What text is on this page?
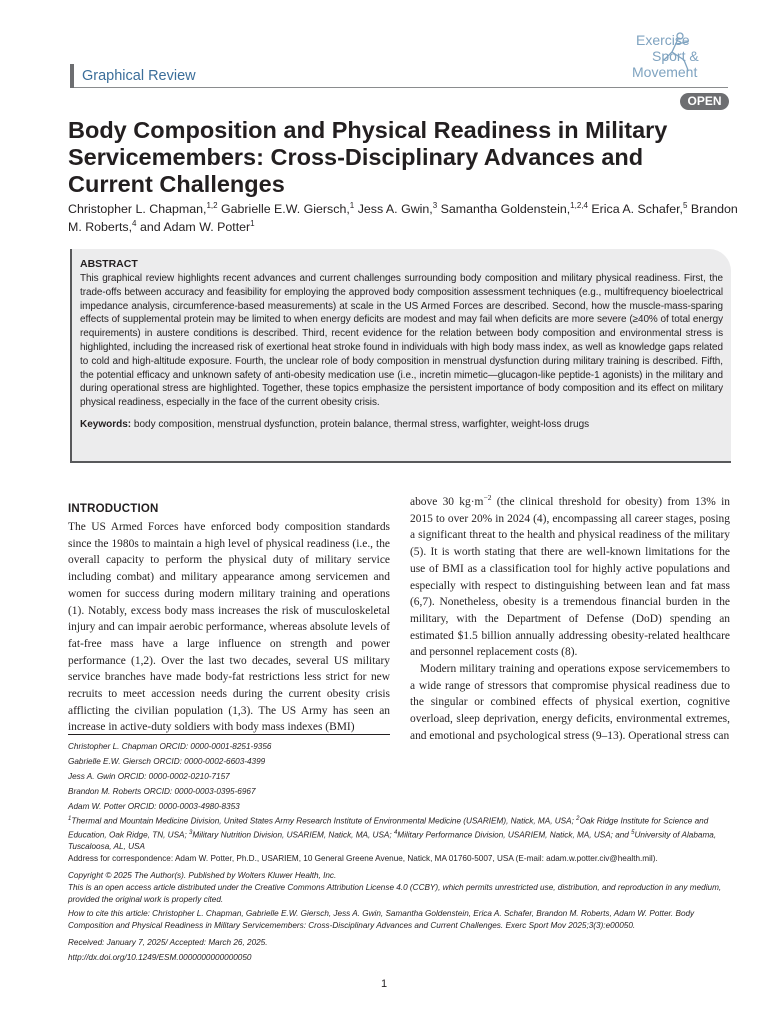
Graphical Review
Exercise
Sport &
Movement
OPEN
Body Composition and Physical Readiness in Military Servicemembers: Cross-Disciplinary Advances and Current Challenges
Christopher L. Chapman,$^{1,2}$ Gabrielle E.W. Giersch,$^1$ Jess A. Gwin,$^3$ Samantha Goldenstein,$^{1,2,4}$ Erica A. Schafer,$^5$ Brandon M. Roberts,$^4$ and Adam W. Potter$^1$
ABSTRACT
This graphical review highlights recent advances and current challenges surrounding body composition and military physical readiness. First, the trade-offs between accuracy and feasibility for employing the approved body composition assessment techniques (e.g., multifrequency bioelectrical impedance analysis, circumference-based measurements) at scale in the US Armed Forces are described. Second, how the muscle-mass-sparing effects of supplemental protein may be limited to when energy deficits are modest and may fail when deficits are more severe (≥40% of total energy requirements) in austere conditions is described. Third, recent evidence for the relation between body composition and environmental stress is highlighted, including the increased risk of exertional heat stroke found in individuals with high body mass index, as well as knowledge gaps related to cold and high-altitude exposure. Fourth, the unclear role of body composition in menstrual dysfunction during military training is described. Fifth, the potential efficacy and unknown safety of anti-obesity medication use (i.e., incretin mimetic—glucagon-like peptide-1 agonists) in the military and during operational stress are highlighted. Together, these topics emphasize the persistent importance of body composition and its effect on military physical readiness, especially in the face of the current obesity crisis.
Keywords: body composition, menstrual dysfunction, protein balance, thermal stress, warfighter, weight-loss drugs
INTRODUCTION

The US Armed Forces have enforced body composition standards since the 1980s to maintain a high level of physical readiness (i.e., the overall capacity to perform the physical duty of military service including combat) and military appearance among servicemen and women for success during modern military training and operations (1). Notably, excess body mass increases the risk of musculoskeletal injury and can impair aerobic performance, whereas absolute levels of fat-free mass have a large influence on strength and power performance (1,2). Over the last two decades, several US military service branches have made body-fat restrictions less strict for new recruits to meet accession needs during the current obesity crisis afflicting the civilian population (1,3). The US Army has seen an increase in active-duty soldiers with body mass indexes (BMI)

above 30 $kg\cdot m^{-2}$ (the clinical threshold for obesity) from 13% in 2015 to over 20% in 2024 (4), encompassing all career stages, posing a significant threat to the health and physical readiness of the military (5). It is worth stating that there are well-known limitations for the use of BMI as a classification tool for highly active populations and especially with respect to distinguishing between lean and fat mass (6,7). Nonetheless, obesity is a tremendous financial burden in the military, with the Department of Defense (DoD) spending an estimated $1.5 billion annually addressing obesity-related healthcare and personnel replacement costs (8).

Modern military training and operations expose servicemembers to a wide range of stressors that compromise physical readiness due to the singular or combined effects of physical exertion, cognitive overload, sleep deprivation, energy deficits, environmental extremes, and emotional and psychological stress (9–13). Operational stress can

Christopher L. Chapman ORCID: 0000-0001-8251-9356
Gabrielle E.W. Giersch ORCID: 0000-0002-6603-4399
Jess A. Gwin ORCID: 0000-0002-0210-7157
Brandon M. Roberts ORCID: 0000-0003-0395-6967
Adam W. Potter ORCID: 0000-0003-4980-8353
$^1$Thermal and Mountain Medicine Division, United States Army Research Institute of Environmental Medicine (USARIEM), Natick, MA, USA; $^2$Oak Ridge Institute for Science and Education, Oak Ridge, TN, USA; $^3$Military Nutrition Division, USARIEM, Natick, MA, USA; $^4$Military Performance Division, USARIEM, Natick, MA, USA; and $^5$University of Alabama, Tuscaloosa, AL, USA
Address for correspondence: Adam W. Potter, Ph.D., USARIEM, 10 General Greene Avenue, Natick, MA 01760-5007, USA (E-mail: adam.w.potter.civ@health.mil).
Copyright © 2025 The Author(s). Published by Wolters Kluwer Health, Inc.
This is an open access article distributed under the Creative Commons Attribution License 4.0 (CCBY), which permits unrestricted use, distribution, and reproduction in any medium, provided the original work is properly cited.
How to cite this article: Christopher L. Chapman, Gabrielle E.W. Giersch, Jess A. Gwin, Samantha Goldenstein, Erica A. Schafer, Brandon M. Roberts, Adam W. Potter. Body Composition and Physical Readiness in Military Servicemembers: Cross-Disciplinary Advances and Current Challenges. Exerc Sport Mov 2025;3(3):e00050.
Received: January 7, 2025/ Accepted: March 26, 2025.
http://dx.doi.org/10.1249/ESM.0000000000000050
1
